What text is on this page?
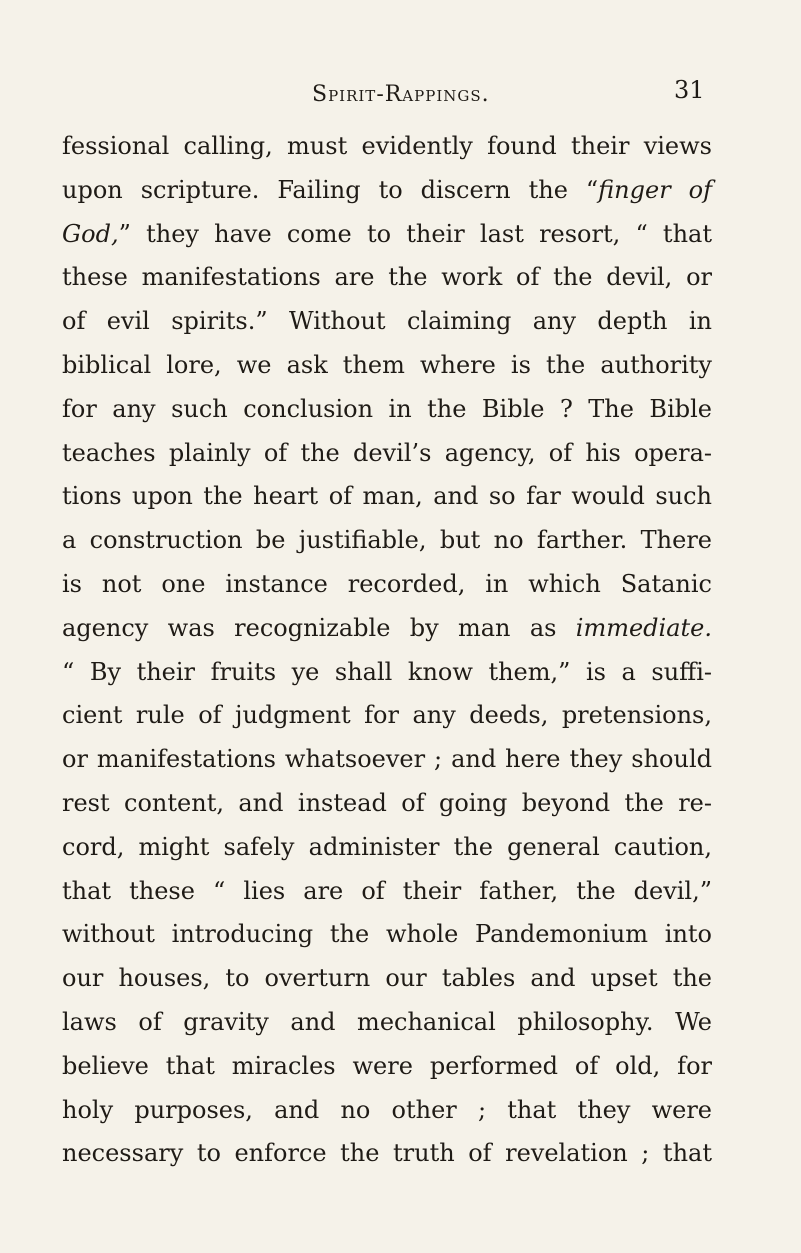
Spirit-Rappings.	31
fessional calling, must evidently found their views
upon scripture. Failing to discern the “finger of
God,” they have come to their last resort, “ that
these manifestations are the work of the devil, or
of evil spirits.” Without claiming any depth in
biblical lore, we ask them where is the authority
for any such conclusion in the Bible ? The Bible
teaches plainly of the devil’s agency, of his opera-
tions upon the heart of man, and so far would such
a construction be justifiable, but no farther. There
is not one instance recorded, in which Satanic
agency was recognizable by man as immediate.
“ By their fruits ye shall know them,” is a suffi-
cient rule of judgment for any deeds, pretensions,
or manifestations whatsoever ; and here they should
rest content, and instead of going beyond the re-
cord, might safely administer the general caution,
that these “ lies are of their father, the devil,”
without introducing the whole Pandemonium into
our houses, to overturn our tables and upset the
laws of gravity and mechanical philosophy. We
believe that miracles were performed of old, for
holy purposes, and no other ; that they were
necessary to enforce the truth of revelation ; that
